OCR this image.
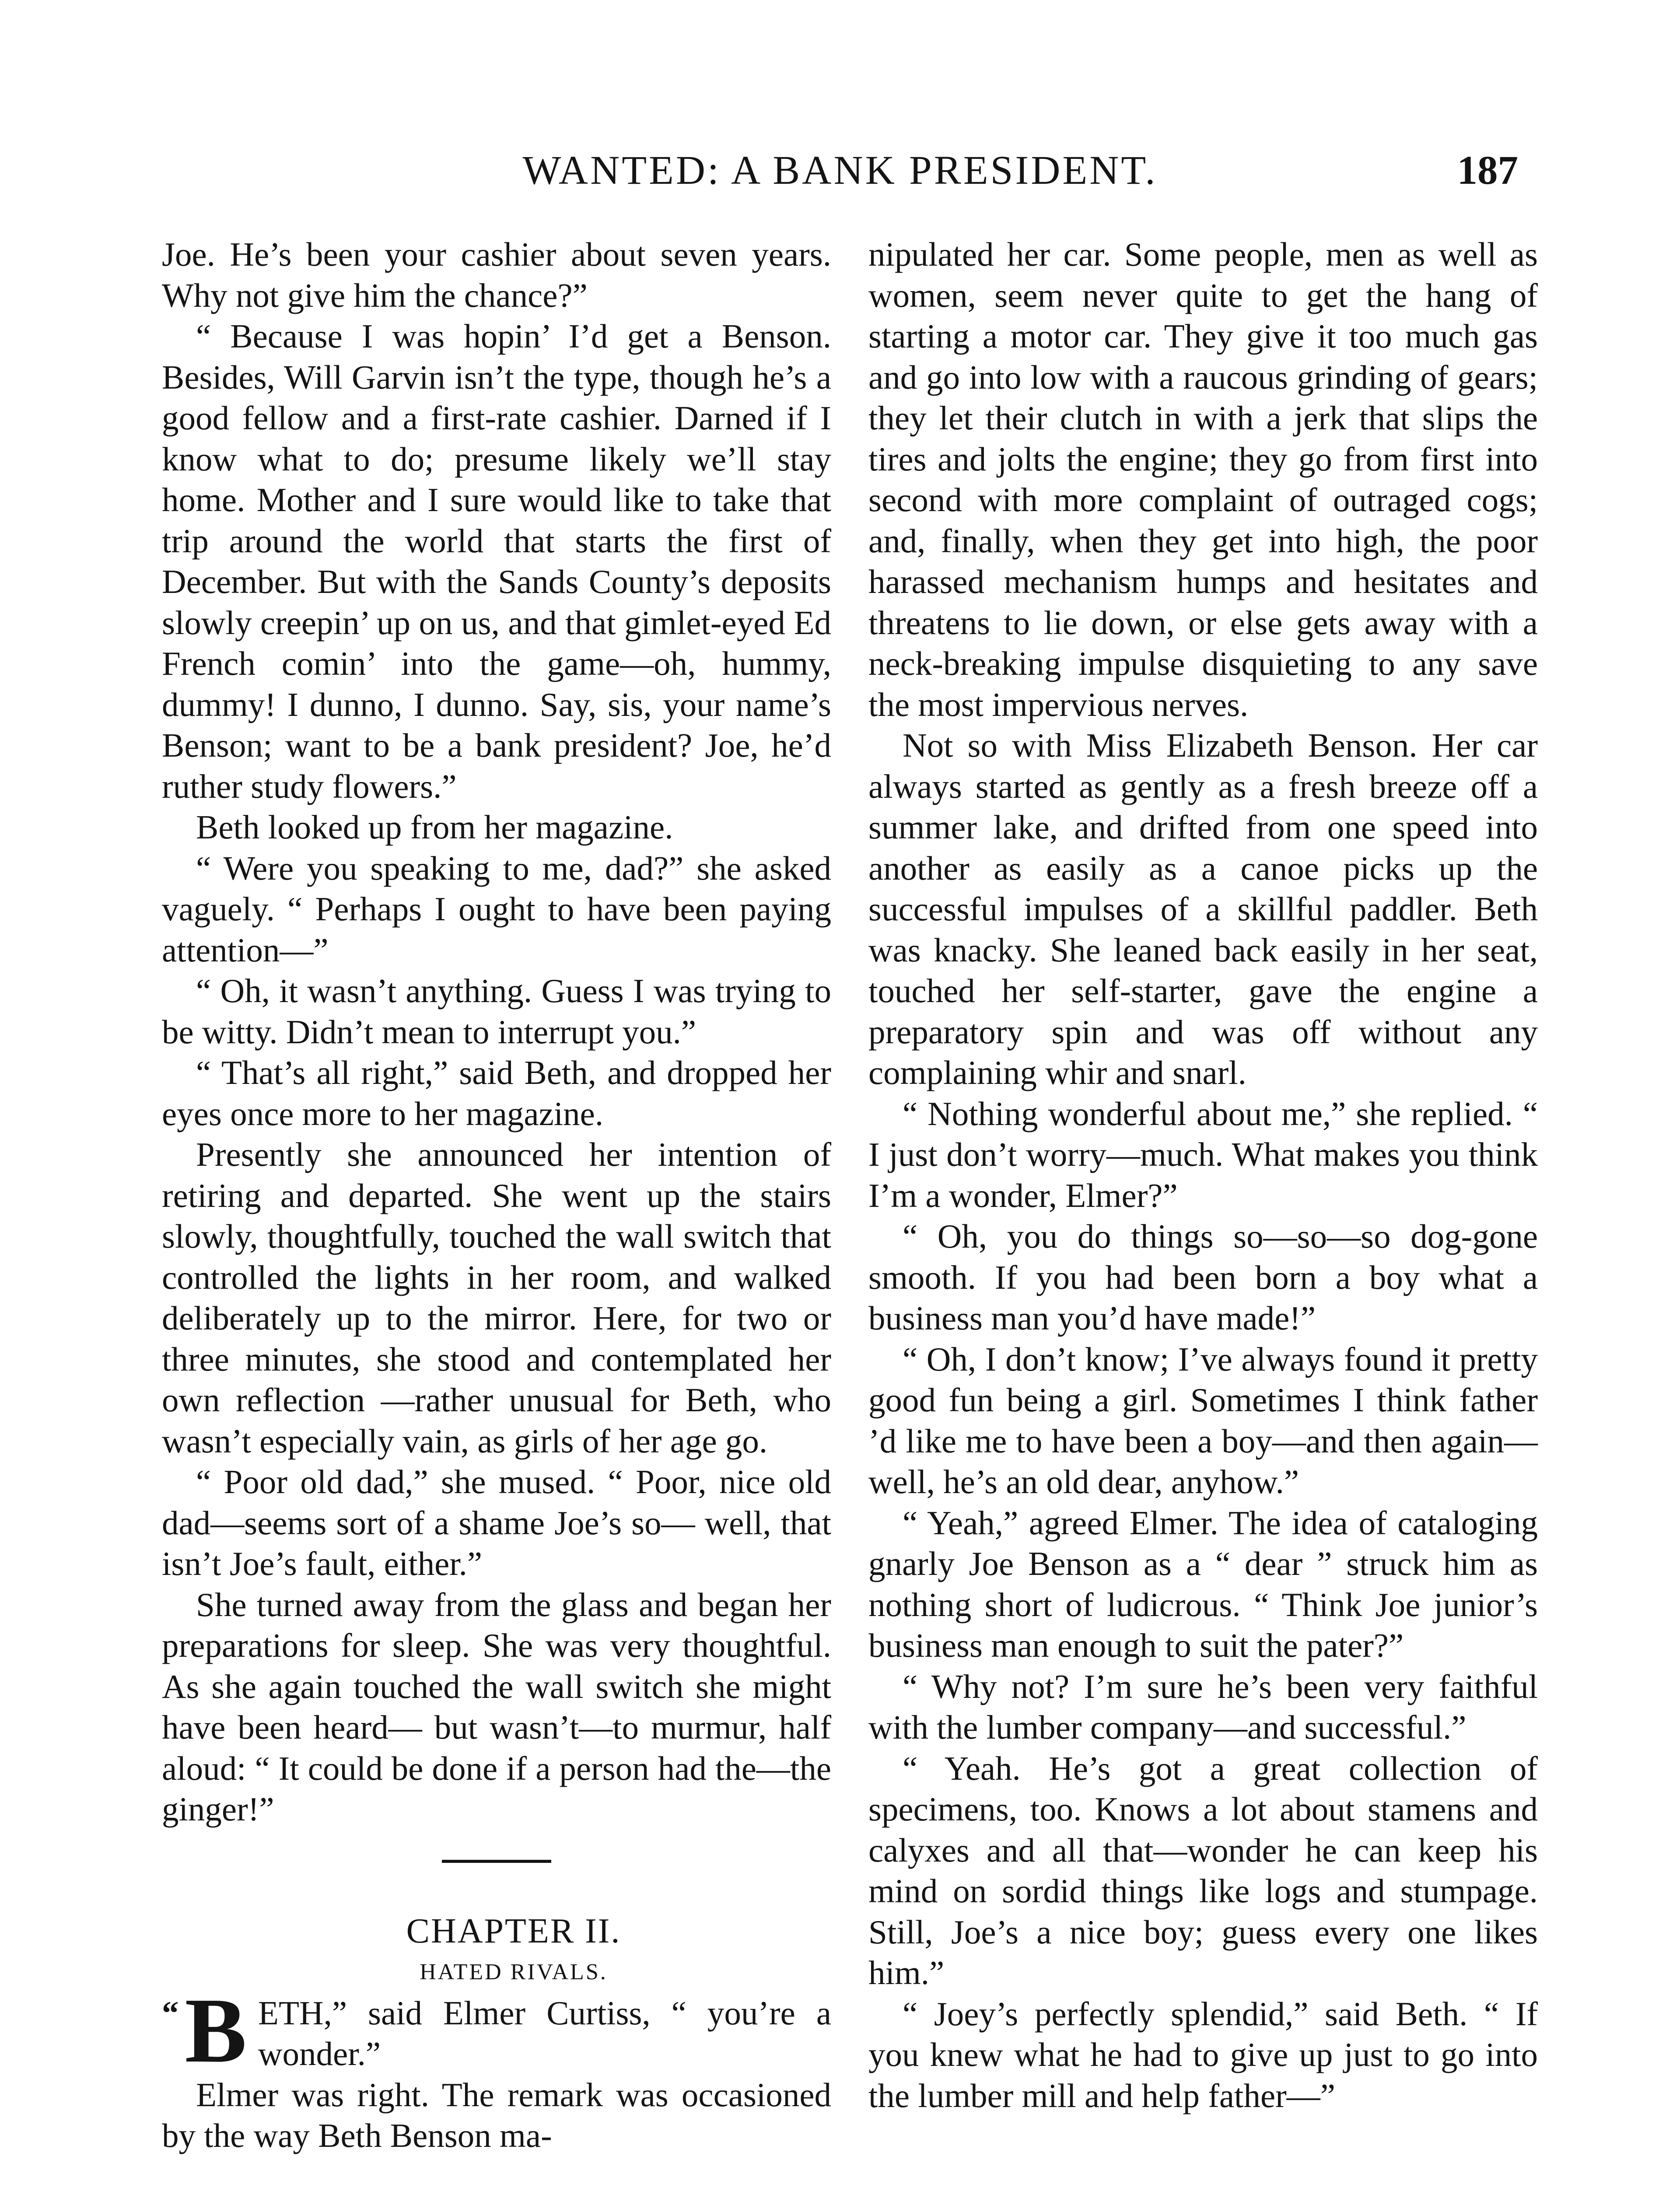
WANTED: A BANK PRESIDENT.	187

Joe. He’s been your cashier about seven years. Why not give him the chance?”

“ Because I was hopin’ I’d get a Benson. Besides, Will Garvin isn’t the type, though he’s a good fellow and a first-rate cashier. Darned if I know what to do; presume likely we’ll stay home. Mother and I sure would like to take that trip around the world that starts the first of December. But with the Sands County’s deposits slowly creepin’ up on us, and that gimlet-eyed Ed French comin’ into the game—oh, hummy, dummy! I dunno, I dunno. Say, sis, your name’s Benson; want to be a bank president? Joe, he’d ruther study flowers.”

Beth looked up from her magazine.

“ Were you speaking to me, dad?” she asked vaguely. “ Perhaps I ought to have been paying attention—”

“ Oh, it wasn’t anything. Guess I was trying to be witty. Didn’t mean to interrupt you.”

“ That’s all right,” said Beth, and dropped her eyes once more to her magazine.

Presently she announced her intention of retiring and departed. She went up the stairs slowly, thoughtfully, touched the wall switch that controlled the lights in her room, and walked deliberately up to the mirror. Here, for two or three minutes, she stood and contemplated her own reflection —rather unusual for Beth, who wasn’t especially vain, as girls of her age go.

“ Poor old dad,” she mused. “ Poor, nice old dad—seems sort of a shame Joe’s so— well, that isn’t Joe’s fault, either.”

She turned away from the glass and began her preparations for sleep. She was very thoughtful. As she again touched the wall switch she might have been heard— but wasn’t—to murmur, half aloud: “ It could be done if a person had the—the ginger!”

CHAPTER II.

HATED RIVALS.

“ B ETH,” said Elmer Curtiss, “ you’re a wonder.”

Elmer was right. The remark was occasioned by the way Beth Benson ma-

nipulated her car. Some people, men as well as women, seem never quite to get the hang of starting a motor car. They give it too much gas and go into low with a raucous grinding of gears; they let their clutch in with a jerk that slips the tires and jolts the engine; they go from first into second with more complaint of outraged cogs; and, finally, when they get into high, the poor harassed mechanism humps and hesitates and threatens to lie down, or else gets away with a neck-breaking impulse disquieting to any save the most impervious nerves.

Not so with Miss Elizabeth Benson. Her car always started as gently as a fresh breeze off a summer lake, and drifted from one speed into another as easily as a canoe picks up the successful impulses of a skillful paddler. Beth was knacky. She leaned back easily in her seat, touched her self-starter, gave the engine a preparatory spin and was off without any complaining whir and snarl.

“ Nothing wonderful about me,” she replied. “ I just don’t worry—much. What makes you think I’m a wonder, Elmer?”

“ Oh, you do things so—so—so dog-gone smooth. If you had been born a boy what a business man you’d have made!”

“ Oh, I don’t know; I’ve always found it pretty good fun being a girl. Sometimes I think father ’d like me to have been a boy—and then again—well, he’s an old dear, anyhow.”

“ Yeah,” agreed Elmer. The idea of cataloging gnarly Joe Benson as a “ dear ” struck him as nothing short of ludicrous. “ Think Joe junior’s business man enough to suit the pater?”

“ Why not? I’m sure he’s been very faithful with the lumber company—and successful.”

“ Yeah. He’s got a great collection of specimens, too. Knows a lot about stamens and calyxes and all that—wonder he can keep his mind on sordid things like logs and stumpage. Still, Joe’s a nice boy; guess every one likes him.”

“ Joey’s perfectly splendid,” said Beth. “ If you knew what he had to give up just to go into the lumber mill and help father—”
